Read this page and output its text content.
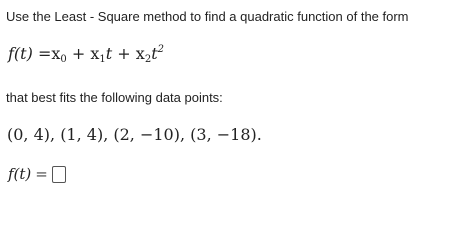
Use the Least - Square method to find a quadratic function of the form
$f(t) =x_0 + x_1t + x_2t^2$
that best fits the following data points:
(0, 4), (1, 4), (2, −10), (3, −18).
f(t) =
